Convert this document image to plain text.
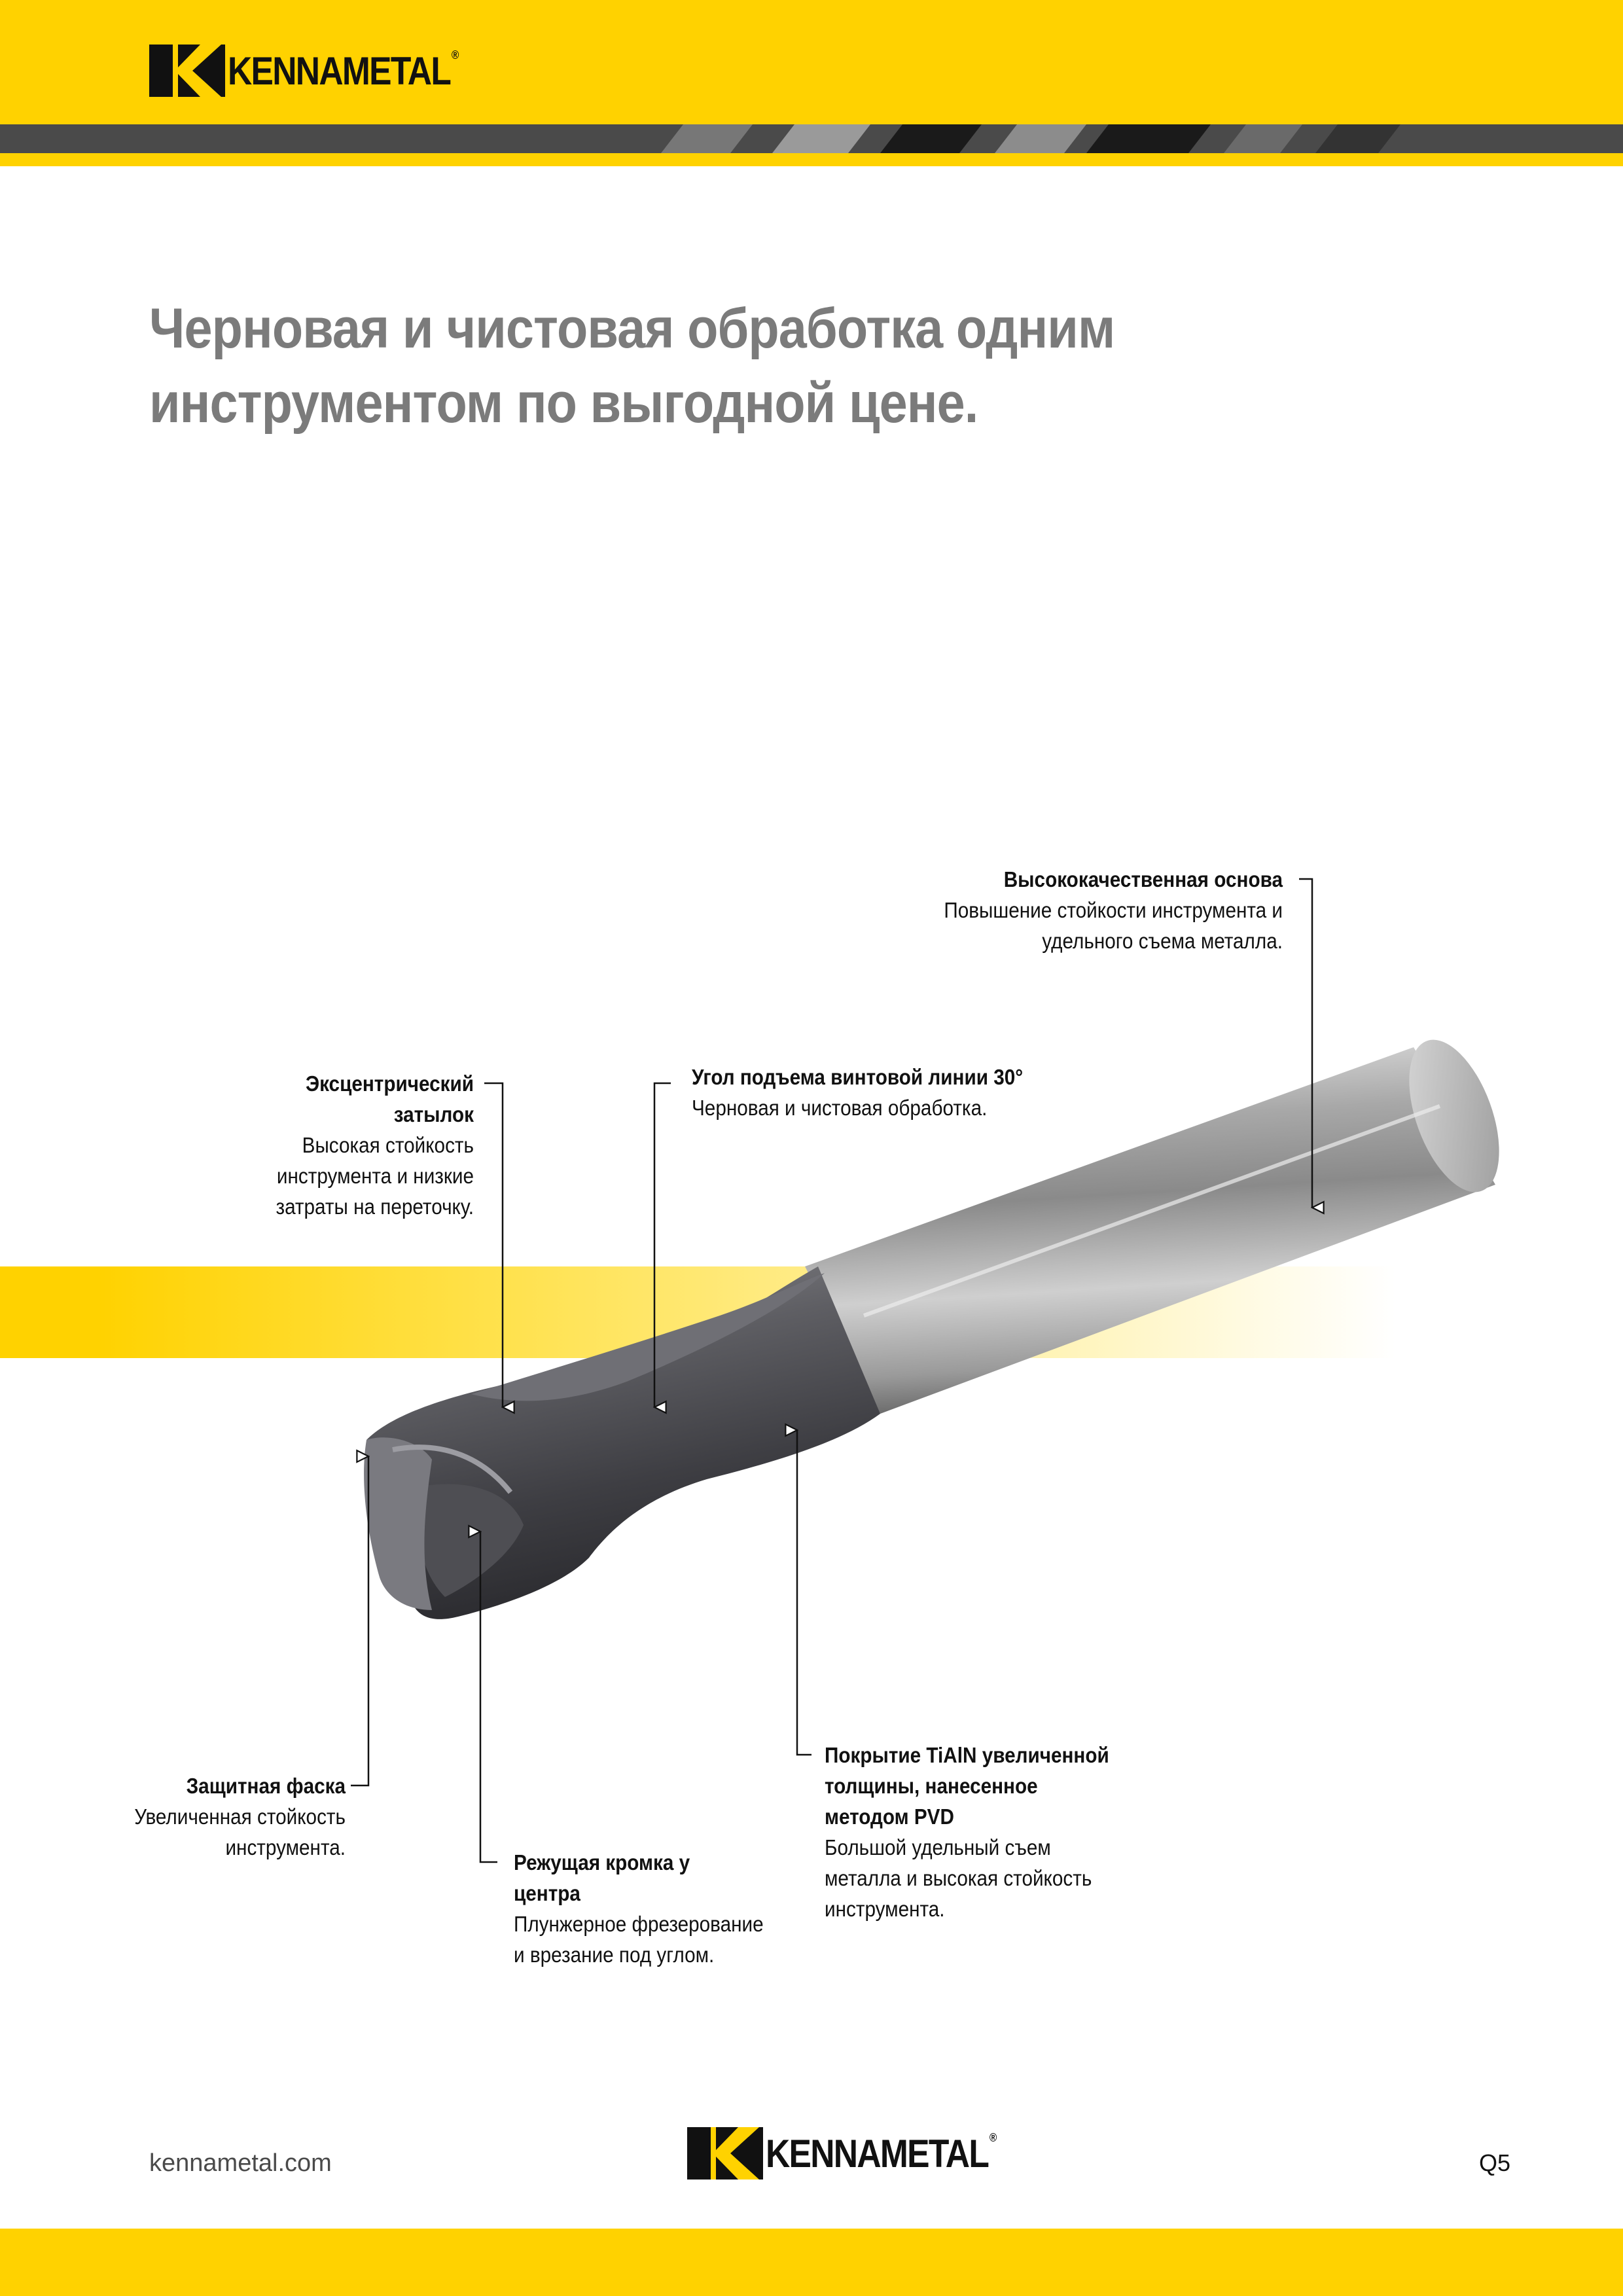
KENNAMETAL®
Черновая и чистовая обработка одним
инструментом по выгодной цене.
Высококачественная основа
Повышение стойкости инструмента и
удельного съема металла.
Эксцентрический
затылок
Высокая стойкость
инструмента и низкие
затраты на переточку.
Угол подъема винтовой линии 30°
Черновая и чистовая обработка.
Защитная фаска
Увеличенная стойкость
инструмента.
Режущая кромка у
центра
Плунжерное фрезерование
и врезание под углом.
Покрытие TiAlN увеличенной
толщины, нанесенное
методом PVD
Большой удельный съем
металла и высокая стойкость
инструмента.
kennametal.com	KENNAMETAL®
Q5
